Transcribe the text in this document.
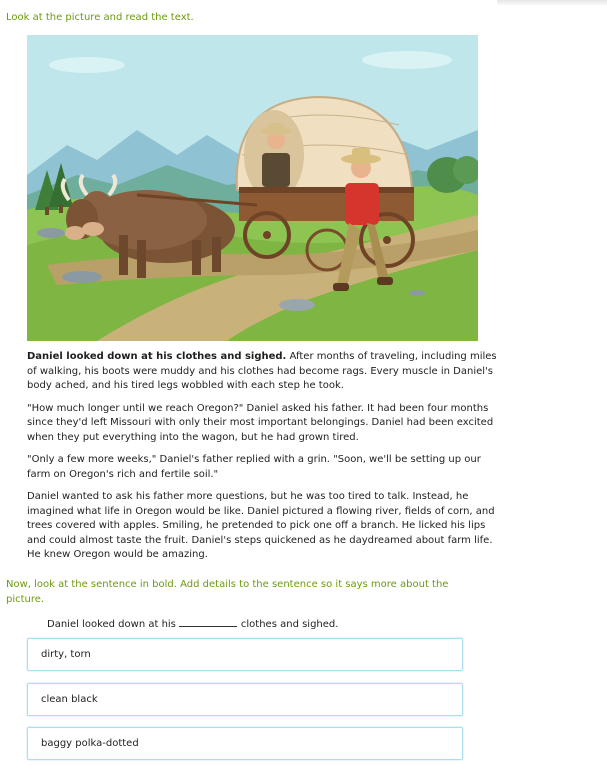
Look at the picture and read the text.

Daniel looked down at his clothes and sighed. After months of traveling, including miles of walking, his boots were muddy and his clothes had become rags. Every muscle in Daniel's body ached, and his tired legs wobbled with each step he took.

"How much longer until we reach Oregon?" Daniel asked his father. It had been four months since they'd left Missouri with only their most important belongings. Daniel had been excited when they put everything into the wagon, but he had grown tired.

"Only a few more weeks," Daniel's father replied with a grin. "Soon, we'll be setting up our farm on Oregon's rich and fertile soil."

Daniel wanted to ask his father more questions, but he was too tired to talk. Instead, he imagined what life in Oregon would be like. Daniel pictured a flowing river, fields of corn, and trees covered with apples. Smiling, he pretended to pick one off a branch. He licked his lips and could almost taste the fruit. Daniel's steps quickened as he daydreamed about farm life. He knew Oregon would be amazing.

Now, look at the sentence in bold. Add details to the sentence so it says more about the picture.
Daniel looked down at his	clothes and sighed.
dirty, torn
clean black
baggy polka-dotted
